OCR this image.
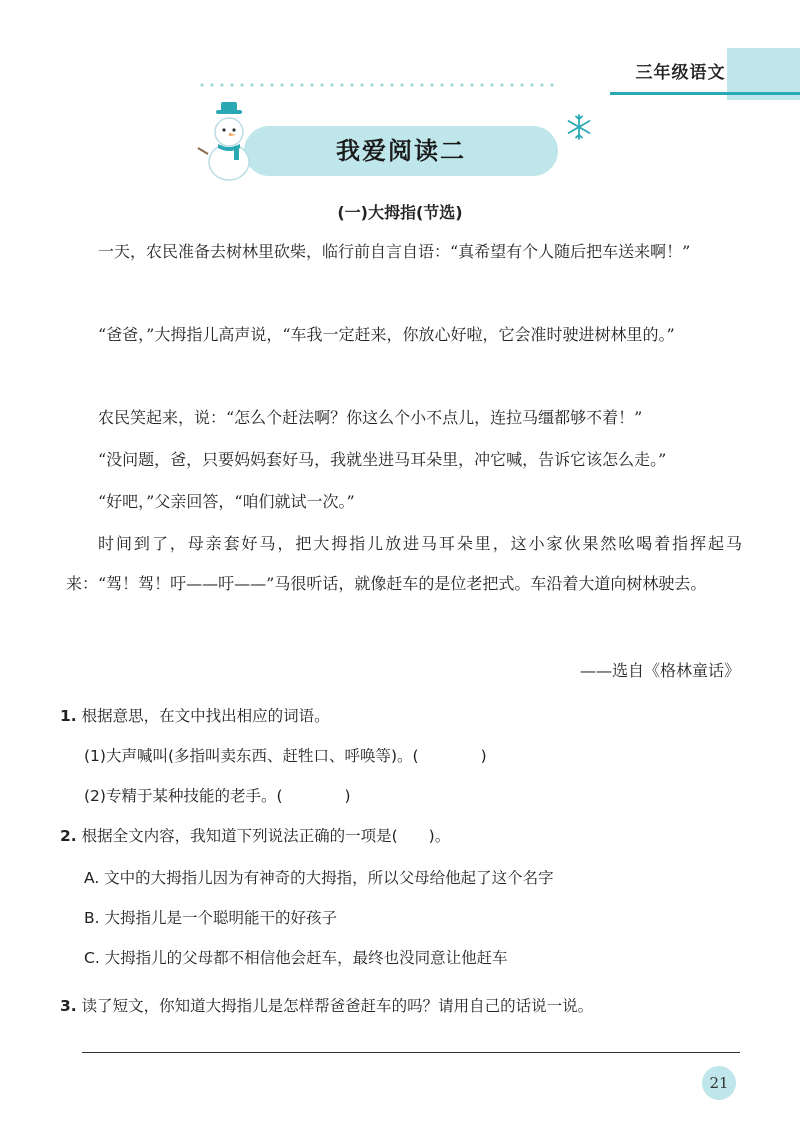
三年级语文
我爱阅读二
(一)大拇指(节选)
一天，农民准备去树林里砍柴，临行前自言自语：“真希望有个人随后把车送来啊！”
“爸爸，”大拇指儿高声说，“车我一定赶来，你放心好啦，它会准时驶进树林里的。”
农民笑起来，说：“怎么个赶法啊？你这么个小不点儿，连拉马缰都够不着！”
“没问题，爸，只要妈妈套好马，我就坐进马耳朵里，冲它喊，告诉它该怎么走。”
“好吧，”父亲回答，“咱们就试一次。”
时间到了，母亲套好马，把大拇指儿放进马耳朵里，这小家伙果然吆喝着指挥起马来：“驾！驾！吁——吁——”马很听话，就像赶车的是位老把式。车沿着大道向树林驶去。
——选自《格林童话》
1. 根据意思，在文中找出相应的词语。
(1)大声喊叫(多指叫卖东西、赶牲口、呼唤等)。(　　　　)
(2)专精于某种技能的老手。(　　　　)
2. 根据全文内容，我知道下列说法正确的一项是(　　)。
A. 文中的大拇指儿因为有神奇的大拇指，所以父母给他起了这个名字
B. 大拇指儿是一个聪明能干的好孩子
C. 大拇指儿的父母都不相信他会赶车，最终也没同意让他赶车
3. 读了短文，你知道大拇指儿是怎样帮爸爸赶车的吗？请用自己的话说一说。
21
